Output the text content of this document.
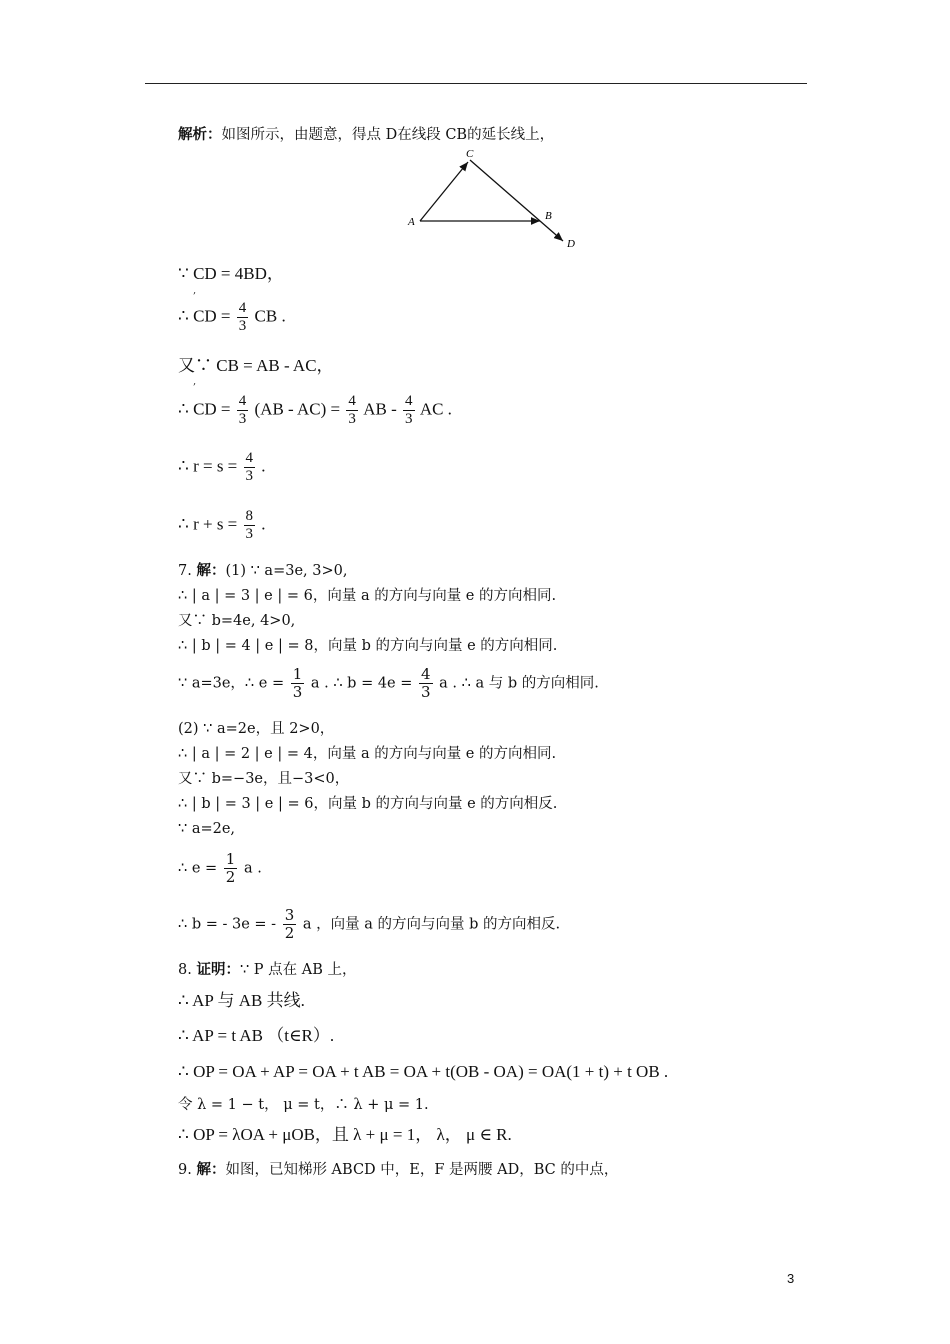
解析：如图所示，由题意，得点 D在线段 CB的延长线上，
A
C
B
D
∵ CD = 4BD，
,
∴ CD = $\frac{4}{3}$ CB .
又∵ CB = AB - AC，
,
∴ CD = $\frac{4}{3} (AB - AC) = \frac{4}{3}$ AB - $\frac{4}{3}$ AC .
∴ $r = s = \frac{4}{3}$ .
∴ $r + s = \frac{8}{3}$ .
7. 解：(1) ∵ a=3e, 3>0,
∴ | a | = 3 | e | = 6，向量 a 的方向与向量 e 的方向相同.
又∵ b=4e, 4>0,
∴ | b | = 4 | e | = 8，向量 b 的方向与向量 e 的方向相同.
∵ a=3e，∴ $e = \frac{1}{3}$ a . ∴ $b = 4e = \frac{4}{3}$ a . ∴ a 与 b 的方向相同.
(2) ∵ a=2e，且 2>0，
∴ | a | = 2 | e | = 4，向量 a 的方向与向量 e 的方向相同.
又∵ b=−3e，且−3<0，
∴ | b | = 3 | e | = 6，向量 b 的方向与向量 e 的方向相反.
∵ a=2e,
∴ $e = \frac{1}{2}$ a .
∴ b = - 3e = - $\frac{3}{2}$ a ，向量 a 的方向与向量 b 的方向相反.
8. 证明：∵ P 点在 AB 上，
∴ AP 与 AB 共线.
∴ AP = t AB （t∈R）.
∴ OP = OA + AP = OA + t AB = OA + t(OB - OA) = OA(1 + t) + t OB .
令 λ = 1 − t， μ = t，∴ λ + μ = 1.
∴ OP = λOA + μOB，且 λ + μ = 1， λ， μ ∈ R.
9. 解：如图，已知梯形 ABCD 中，E，F 是两腰 AD，BC 的中点，
3
